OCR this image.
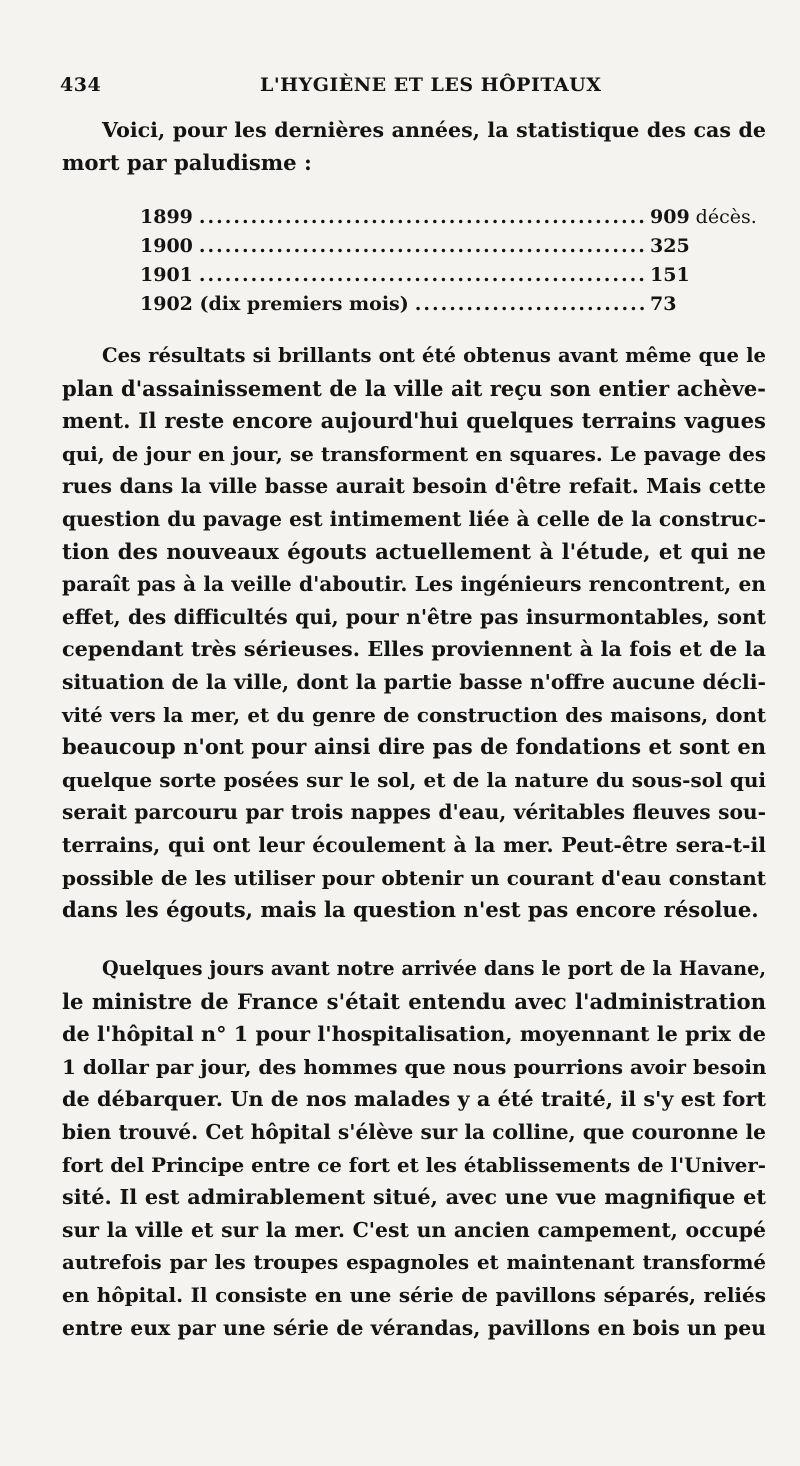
434	L'HYGIÈNE ET LES HÔPITAUX
Voici, pour les dernières années, la statistique des cas de
mort par paludisme :
1899 .....	909 décès.
1900 .....	325
1901 .....	151
1902 (dix premiers mois) .....	73
Ces résultats si brillants ont été obtenus avant même que le
plan d'assainissement de la ville ait reçu son entier achève-
ment. Il reste encore aujourd'hui quelques terrains vagues
qui, de jour en jour, se transforment en squares. Le pavage des
rues dans la ville basse aurait besoin d'être refait. Mais cette
question du pavage est intimement liée à celle de la construc-
tion des nouveaux égouts actuellement à l'étude, et qui ne
paraît pas à la veille d'aboutir. Les ingénieurs rencontrent, en
effet, des difficultés qui, pour n'être pas insurmontables, sont
cependant très sérieuses. Elles proviennent à la fois et de la
situation de la ville, dont la partie basse n'offre aucune décli-
vité vers la mer, et du genre de construction des maisons, dont
beaucoup n'ont pour ainsi dire pas de fondations et sont en
quelque sorte posées sur le sol, et de la nature du sous-sol qui
serait parcouru par trois nappes d'eau, véritables fleuves sou-
terrains, qui ont leur écoulement à la mer. Peut-être sera-t-il
possible de les utiliser pour obtenir un courant d'eau constant
dans les égouts, mais la question n'est pas encore résolue.
Quelques jours avant notre arrivée dans le port de la Havane,
le ministre de France s'était entendu avec l'administration
de l'hôpital n° 1 pour l'hospitalisation, moyennant le prix de
1 dollar par jour, des hommes que nous pourrions avoir besoin
de débarquer. Un de nos malades y a été traité, il s'y est fort
bien trouvé. Cet hôpital s'élève sur la colline, que couronne le
fort del Principe entre ce fort et les établissements de l'Univer-
sité. Il est admirablement situé, avec une vue magnifique et
sur la ville et sur la mer. C'est un ancien campement, occupé
autrefois par les troupes espagnoles et maintenant transformé
en hôpital. Il consiste en une série de pavillons séparés, reliés
entre eux par une série de vérandas, pavillons en bois un peu
